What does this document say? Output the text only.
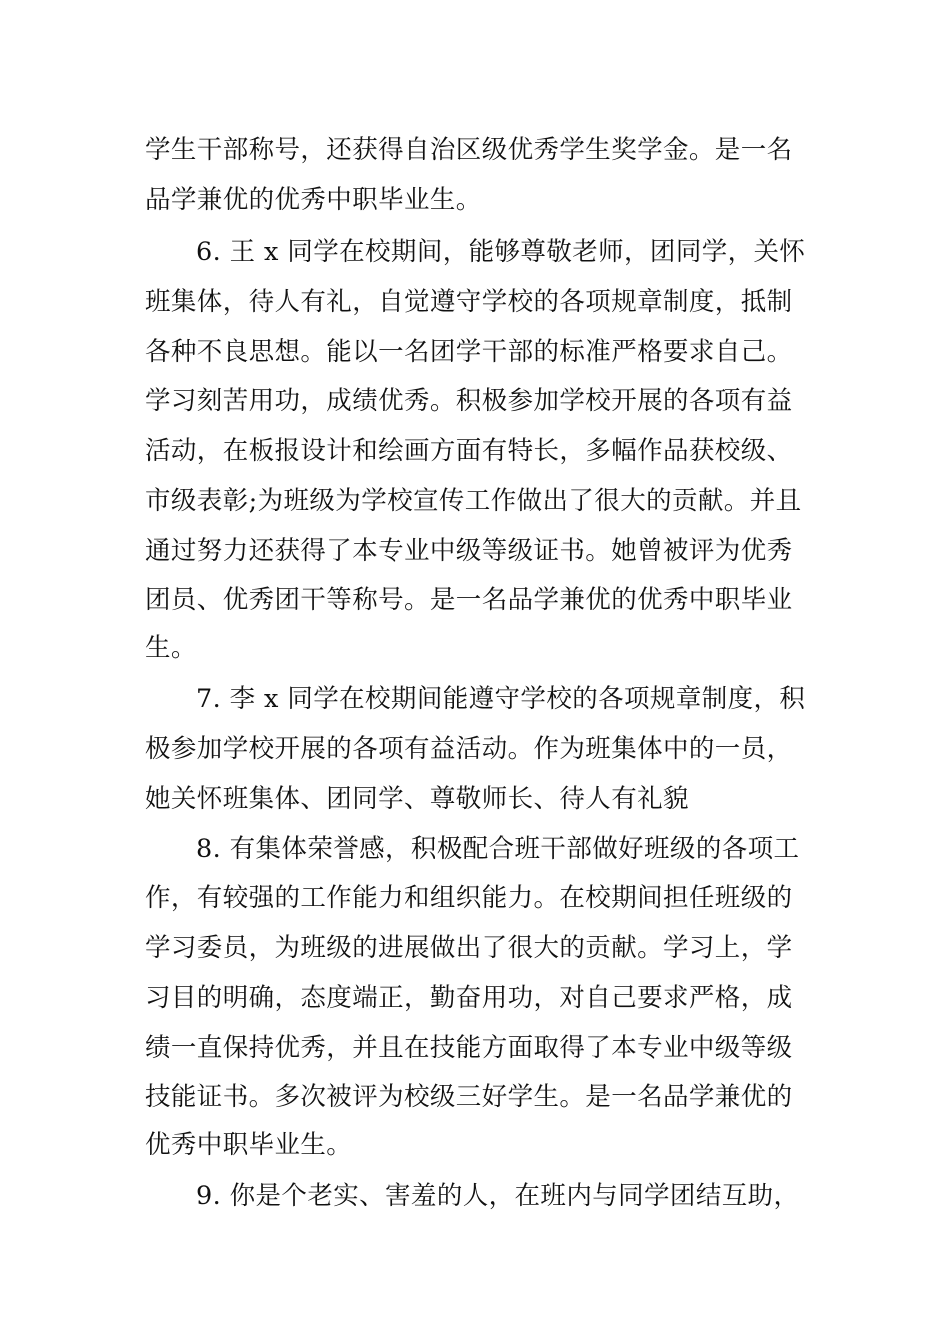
学生干部称号，还获得自治区级优秀学生奖学金。是一名
品学兼优的优秀中职毕业生。
6. 王 x 同学在校期间，能够尊敬老师，团同学，关怀
班集体，待人有礼，自觉遵守学校的各项规章制度，抵制
各种不良思想。能以一名团学干部的标准严格要求自己。
学习刻苦用功，成绩优秀。积极参加学校开展的各项有益
活动，在板报设计和绘画方面有特长，多幅作品获校级、
市级表彰;为班级为学校宣传工作做出了很大的贡献。并且
通过努力还获得了本专业中级等级证书。她曾被评为优秀
团员、优秀团干等称号。是一名品学兼优的优秀中职毕业
生。
7. 李 x 同学在校期间能遵守学校的各项规章制度，积
极参加学校开展的各项有益活动。作为班集体中的一员，
她关怀班集体、团同学、尊敬师长、待人有礼貌
8. 有集体荣誉感，积极配合班干部做好班级的各项工
作，有较强的工作能力和组织能力。在校期间担任班级的
学习委员，为班级的进展做出了很大的贡献。学习上，学
习目的明确，态度端正，勤奋用功，对自己要求严格，成
绩一直保持优秀，并且在技能方面取得了本专业中级等级
技能证书。多次被评为校级三好学生。是一名品学兼优的
优秀中职毕业生。
9. 你是个老实、害羞的人，在班内与同学团结互助，
